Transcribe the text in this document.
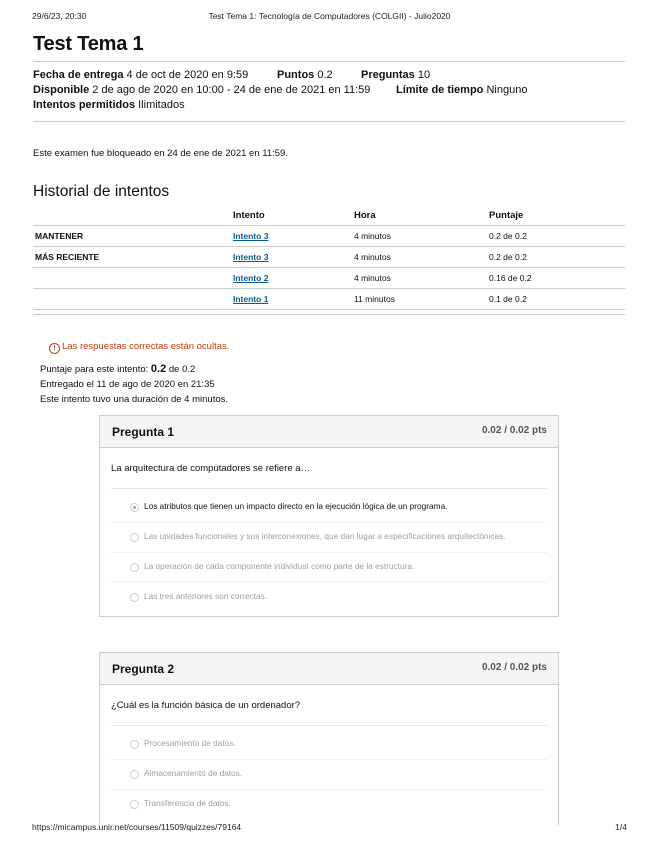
29/6/23, 20:30	Test Tema 1: Tecnología de Computadores (COLGII) - Julio2020
Test Tema 1
Fecha de entrega 4 de oct de 2020 en 9:59	Puntos 0.2	Preguntas 10
Disponible 2 de ago de 2020 en 10:00 - 24 de ene de 2021 en 11:59 Límite de tiempo Ninguno
Intentos permitidos Ilimitados
Este examen fue bloqueado en 24 de ene de 2021 en 11:59.
Historial de intentos
	Intento	Hora	Puntaje
MANTENER	Intento 3	4 minutos	0.2 de 0.2
MÁS RECIENTE	Intento 3	4 minutos	0.2 de 0.2
	Intento 2	4 minutos	0.16 de 0.2
	Intento 1	11 minutos	0.1 de 0.2

! Las respuestas correctas están ocultas.
Puntaje para este intento: 0.2 de 0.2
Entregado el 11 de ago de 2020 en 21:35
Este intento tuvo una duración de 4 minutos.
Pregunta 1	0.02 / 0.02 pts
La arquitectura de computadores se refiere a…
Los atributos que tienen un impacto directo en la ejecución lógica de un programa.
Las unidades funcionales y sus interconexiones, que dan lugar a especificaciones arquitectónicas.
La operación de cada componente individual como parte de la estructura.
Las tres anteriores son correctas.
Pregunta 2	0.02 / 0.02 pts
¿Cuál es la función básica de un ordenador?
Procesamiento de datos.
Almacenamiento de datos.
Transferencia de datos.
https://micampus.unir.net/courses/11509/quizzes/79164	1/4
